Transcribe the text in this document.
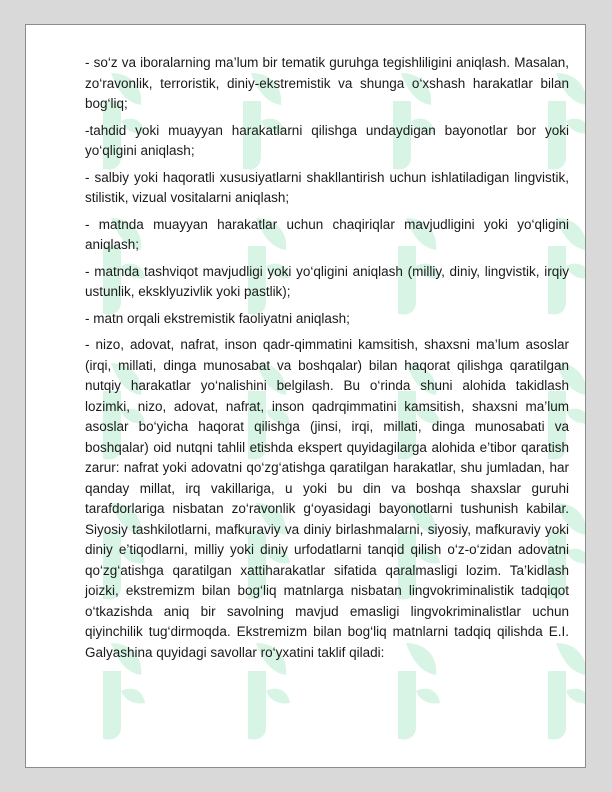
- so‘z va iboralarning ma’lum bir tematik guruhga tegishliligini aniqlash. Masalan, zo‘ravonlik, terroristik, diniy-ekstremistik va shunga o‘xshash harakatlar bilan bog‘liq;

-tahdid yoki muayyan harakatlarni qilishga undaydigan bayonotlar bor yoki yo‘qligini aniqlash;

- salbiy yoki haqoratli xususiyatlarni shakllantirish uchun ishlatiladigan lingvistik, stilistik, vizual vositalarni aniqlash;

- matnda muayyan harakatlar uchun chaqiriqlar mavjudligini yoki yo‘qligini aniqlash;

- matnda tashviqot mavjudligi yoki yo‘qligini aniqlash (milliy, diniy, lingvistik, irqiy ustunlik, eksklyuzivlik yoki pastlik);

- matn orqali ekstremistik faoliyatni aniqlash;

- nizo, adovat, nafrat, inson qadr-qimmatini kamsitish, shaxsni ma’lum asoslar (irqi, millati, dinga munosabat va boshqalar) bilan haqorat qilishga qaratilgan nutqiy harakatlar yo‘nalishini belgilash. Bu o‘rinda shuni alohida takidlash lozimki, nizo, adovat, nafrat, inson qadrqimmatini kamsitish, shaxsni ma’lum asoslar bo‘yicha haqorat qilishga (jinsi, irqi, millati, dinga munosabati va boshqalar) oid nutqni tahlil etishda ekspert quyidagilarga alohida e’tibor qaratish zarur: nafrat yoki adovatni qo‘zg‘atishga qaratilgan harakatlar, shu jumladan, har qanday millat, irq vakillariga, u yoki bu din va boshqa shaxslar guruhi tarafdorlariga nisbatan zo‘ravonlik g‘oyasidagi bayonotlarni tushunish kabilar. Siyosiy tashkilotlarni, mafkuraviy va diniy birlashmalarni, siyosiy, mafkuraviy yoki diniy e’tiqodlarni, milliy yoki diniy urfodatlarni tanqid qilish o‘z-o‘zidan adovatni qo‘zg‘atishga qaratilgan xattiharakatlar sifatida qaralmasligi lozim. Ta’kidlash joizki, ekstremizm bilan bog‘liq matnlarga nisbatan lingvokriminalistik tadqiqot o‘tkazishda aniq bir savolning mavjud emasligi lingvokriminalistlar uchun qiyinchilik tug‘dirmoqda. Ekstremizm bilan bog‘liq matnlarni tadqiq qilishda E.I. Galyashina quyidagi savollar ro‘yxatini taklif qiladi:
